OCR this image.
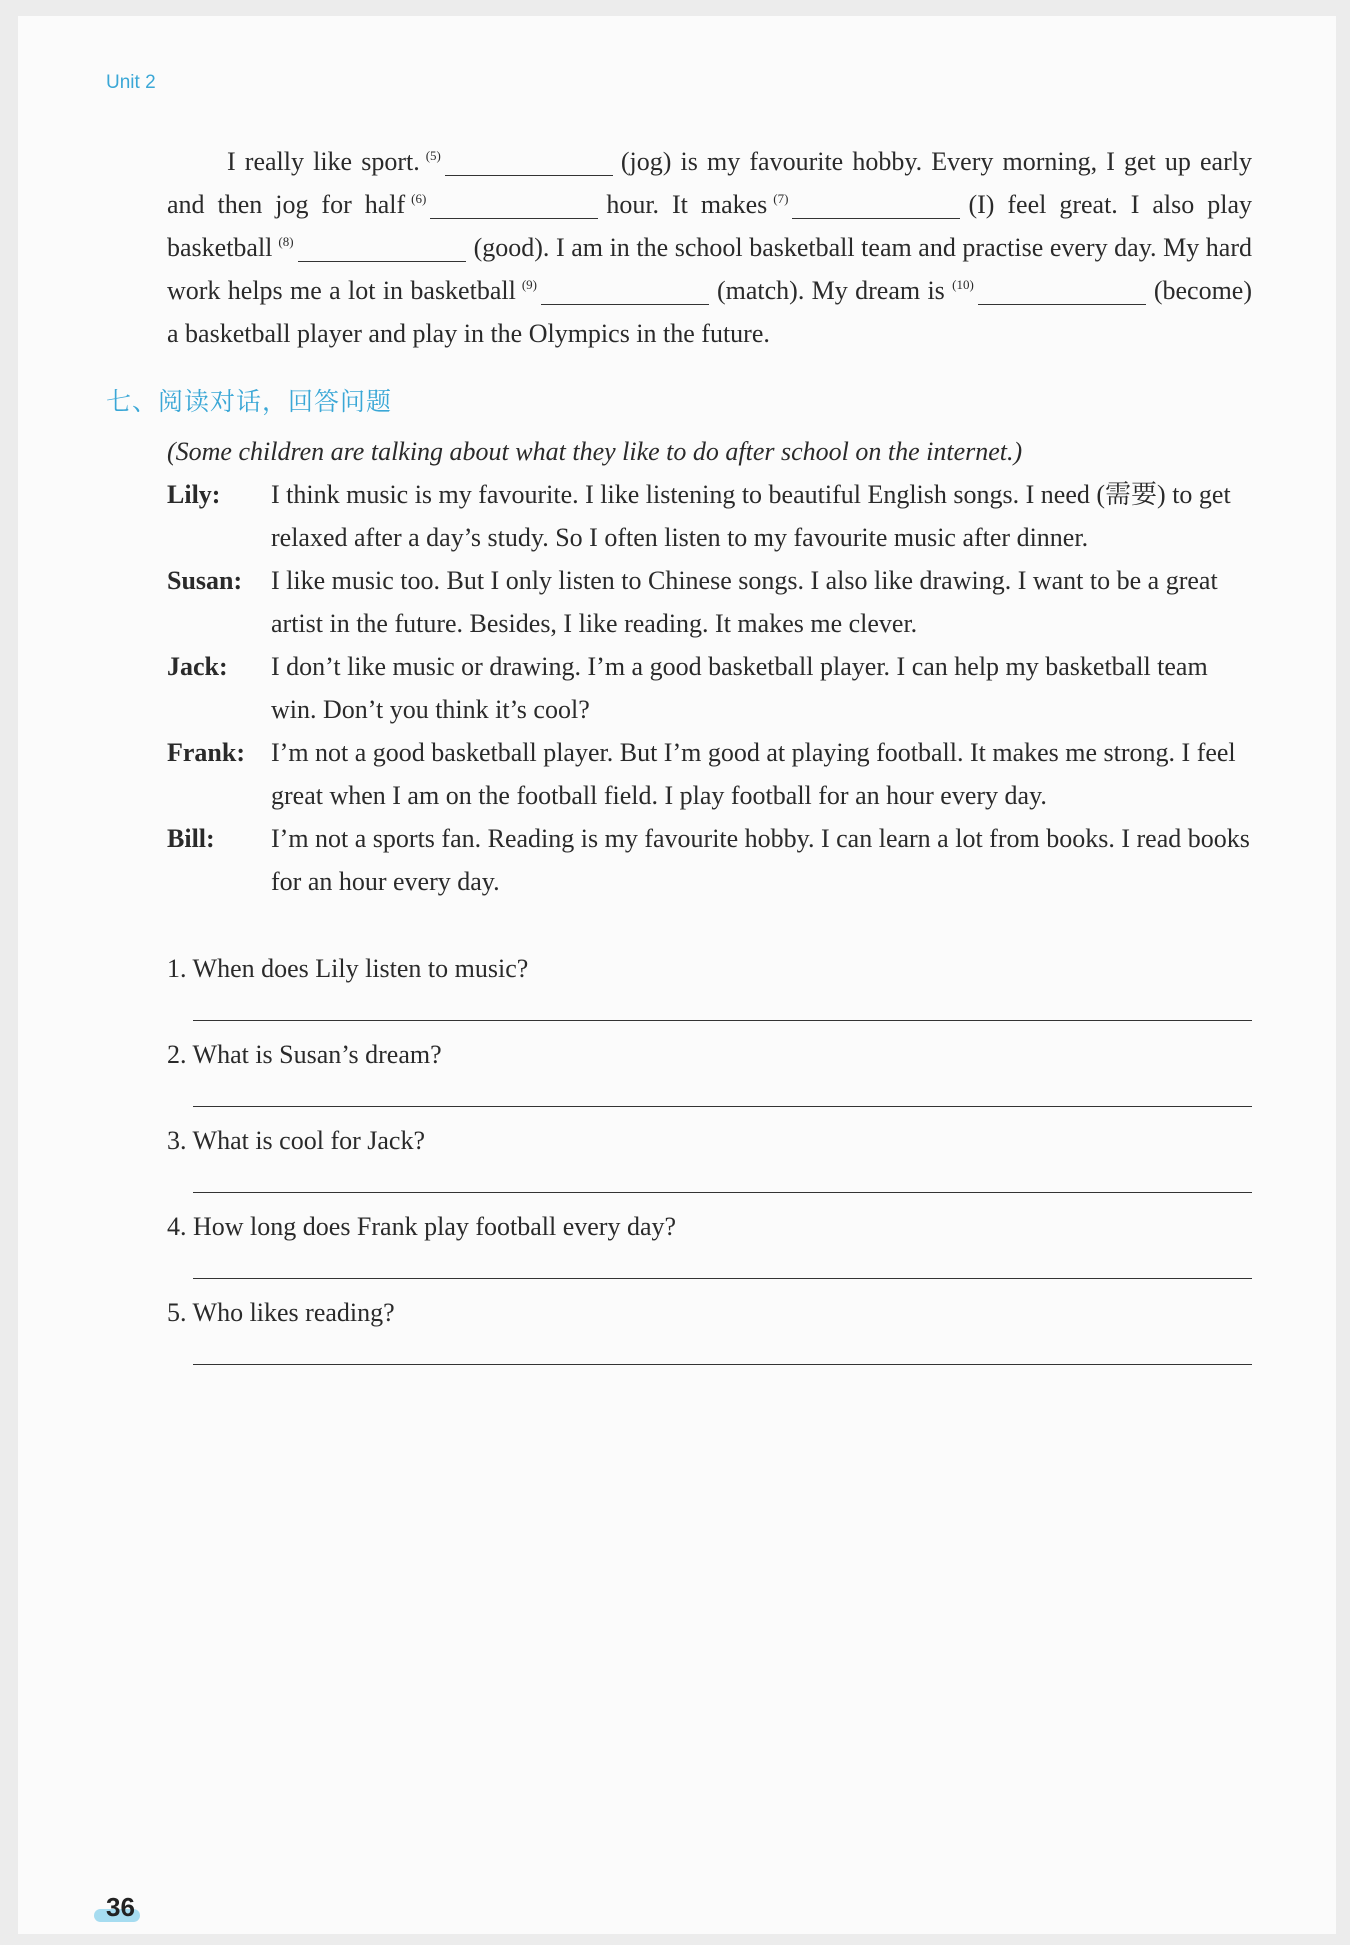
Unit 2

I really like sport. $^{(5)}$	(jog) is my favourite hobby. Every morning, I get up early and then jog for half $^{(6)}$	hour. It makes $^{(7)}$	(I) feel great. I also play basketball $^{(8)}$	(good). I am in the school basketball team and practise every day. My hard work helps me a lot in basketball $^{(9)}$	(match). My dream is $^{(10)}$	(become) a basketball player and play in the Olympics in the future.

七、阅读对话，回答问题
(Some children are talking about what they like to do after school on the internet.)
Lily:	I think music is my favourite. I like listening to beautiful English songs. I need (需要) to get relaxed after a day’s study. So I often listen to my favourite music after dinner.
Susan:	I like music too. But I only listen to Chinese songs. I also like drawing. I want to be a great artist in the future. Besides, I like reading. It makes me clever.
Jack:	I don’t like music or drawing. I’m a good basketball player. I can help my basketball team win. Don’t you think it’s cool?
Frank:	I’m not a good basketball player. But I’m good at playing football. It makes me strong. I feel great when I am on the football field. I play football for an hour every day.
Bill:	I’m not a sports fan. Reading is my favourite hobby. I can learn a lot from books. I read books for an hour every day.
1. When does Lily listen to music?
2. What is Susan’s dream?
3. What is cool for Jack?
4. How long does Frank play football every day?
5. Who likes reading?
36
